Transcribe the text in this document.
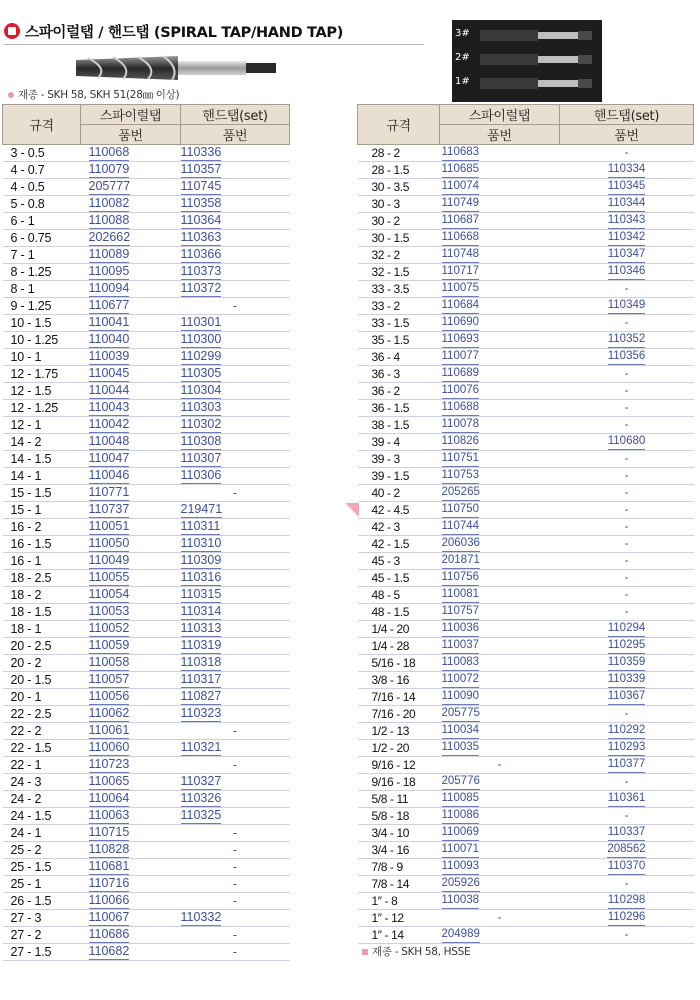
스파이럴탭 / 핸드탭 (SPIRAL TAP/HAND TAP)	3#
2#
1#
재종 - SKH 58, SKH 51(28㎜ 이상)
규격	스파이럴탭	핸드탭(set)
	품번	품번
3 - 0.5	110068	110336
4 - 0.7	110079	110357
4 - 0.5	205777	110745
5 - 0.8	110082	110358
6 - 1	110088	110364
6 - 0.75	202662	110363
7 - 1	110089	110366
8 - 1.25	110095	110373
8 - 1	110094	110372
9 - 1.25	110677	-
10 - 1.5	110041	110301
10 - 1.25	110040	110300
10 - 1	110039	110299
12 - 1.75	110045	110305
12 - 1.5	110044	110304
12 - 1.25	110043	110303
12 - 1	110042	110302
14 - 2	110048	110308
14 - 1.5	110047	110307
14 - 1	110046	110306
15 - 1.5	110771	-
15 - 1	110737	219471
16 - 2	110051	110311
16 - 1.5	110050	110310
16 - 1	110049	110309
18 - 2.5	110055	110316
18 - 2	110054	110315
18 - 1.5	110053	110314
18 - 1	110052	110313
20 - 2.5	110059	110319
20 - 2	110058	110318
20 - 1.5	110057	110317
20 - 1	110056	110827
22 - 2.5	110062	110323
22 - 2	110061	-
22 - 1.5	110060	110321
22 - 1	110723	-
24 - 3	110065	110327
24 - 2	110064	110326
24 - 1.5	110063	110325
24 - 1	110715	-
25 - 2	110828	-
25 - 1.5	110681	-
25 - 1	110716	-
26 - 1.5	110066	-
27 - 3	110067	110332
27 - 2	110686	-
27 - 1.5	110682	-
규격	스파이럴탭	핸드탭(set)
	품번	품번
28 - 2	110683	-
28 - 1.5	110685	110334
30 - 3.5	110074	110345
30 - 3	110749	110344
30 - 2	110687	110343
30 - 1.5	110668	110342
32 - 2	110748	110347
32 - 1.5	110717	110346
33 - 3.5	110075	-
33 - 2	110684	110349
33 - 1.5	110690	-
35 - 1.5	110693	110352
36 - 4	110077	110356
36 - 3	110689	-
36 - 2	110076	-
36 - 1.5	110688	-
38 - 1.5	110078	-
39 - 4	110826	110680
39 - 3	110751	-
39 - 1.5	110753	-
40 - 2	205265	-
42 - 4.5	110750	-
42 - 3	110744	-
42 - 1.5	206036	-
45 - 3	201871	-
45 - 1.5	110756	-
48 - 5	110081	-
48 - 1.5	110757	-
1/4 - 20	110036	110294
1/4 - 28	110037	110295
5/16 - 18	110083	110359
3/8 - 16	110072	110339
7/16 - 14	110090	110367
7/16 - 20	205775	-
1/2 - 13	110034	110292
1/2 - 20	110035	110293
9/16 - 12	-	110377
9/16 - 18	205776	-
5/8 - 11	110085	110361
5/8 - 18	110086	-
3/4 - 10	110069	110337
3/4 - 16	110071	208562
7/8 - 9	110093	110370
7/8 - 14	205926	-
1″ - 8	110038	110298
1″ - 12	-	110296
1″ - 14	204989	-
재종 - SKH 58, HSSE
